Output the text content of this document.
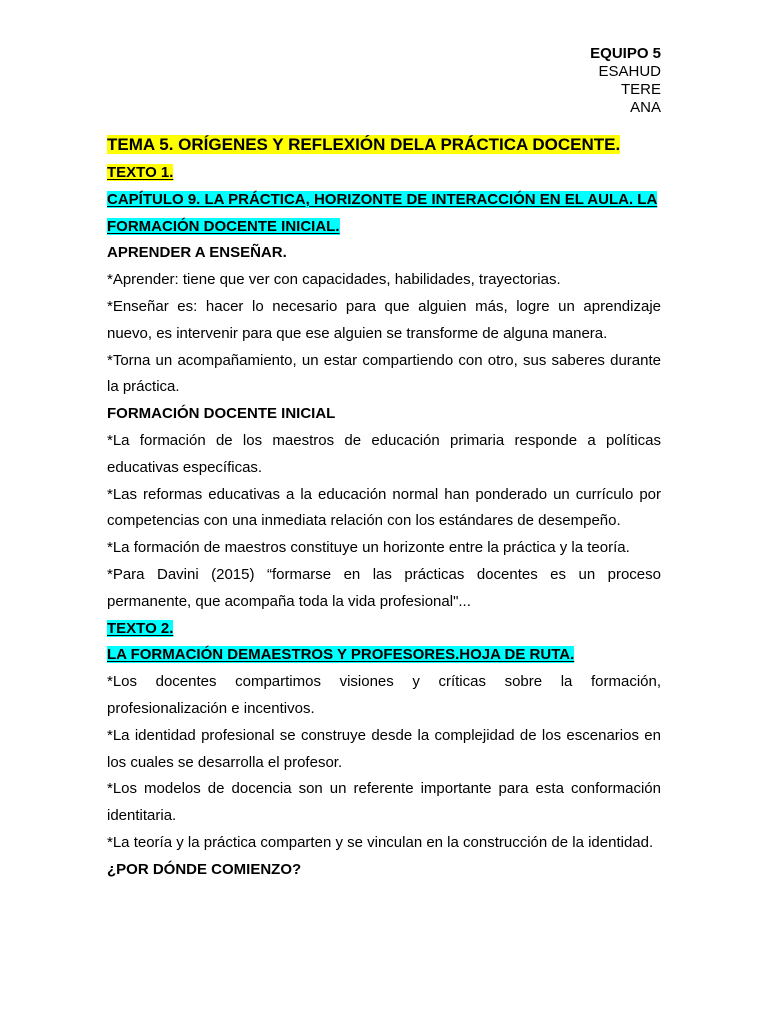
EQUIPO 5
ESAHUD
TERE
ANA

TEMA 5. ORÍGENES Y REFLEXIÓN DELA PRÁCTICA DOCENTE.

TEXTO 1.

CAPÍTULO 9. LA PRÁCTICA, HORIZONTE DE INTERACCIÓN EN EL AULA. LA FORMACIÓN DOCENTE INICIAL.

APRENDER A ENSEÑAR.

*Aprender: tiene que ver con capacidades, habilidades, trayectorias.

*Enseñar es: hacer lo necesario para que alguien más, logre un aprendizaje nuevo, es intervenir para que ese alguien se transforme de alguna manera.

*Torna un acompañamiento, un estar compartiendo con otro, sus saberes durante la práctica.

FORMACIÓN DOCENTE INICIAL

*La formación de los maestros de educación primaria responde a políticas educativas específicas.

*Las reformas educativas a la educación normal han ponderado un currículo por competencias con una inmediata relación con los estándares de desempeño.

*La formación de maestros constituye un horizonte entre la práctica y la teoría.

*Para Davini (2015) “formarse en las prácticas docentes es un proceso permanente, que acompaña toda la vida profesional"...

TEXTO 2.

LA FORMACIÓN DEMAESTROS Y PROFESORES.HOJA DE RUTA.

*Los docentes compartimos visiones y críticas sobre la formación, profesionalización e incentivos.

*La identidad profesional se construye desde la complejidad de los escenarios en los cuales se desarrolla el profesor.

*Los modelos de docencia son un referente importante para esta conformación identitaria.

*La teoría y la práctica comparten y se vinculan en la construcción de la identidad.

¿POR DÓNDE COMIENZO?
